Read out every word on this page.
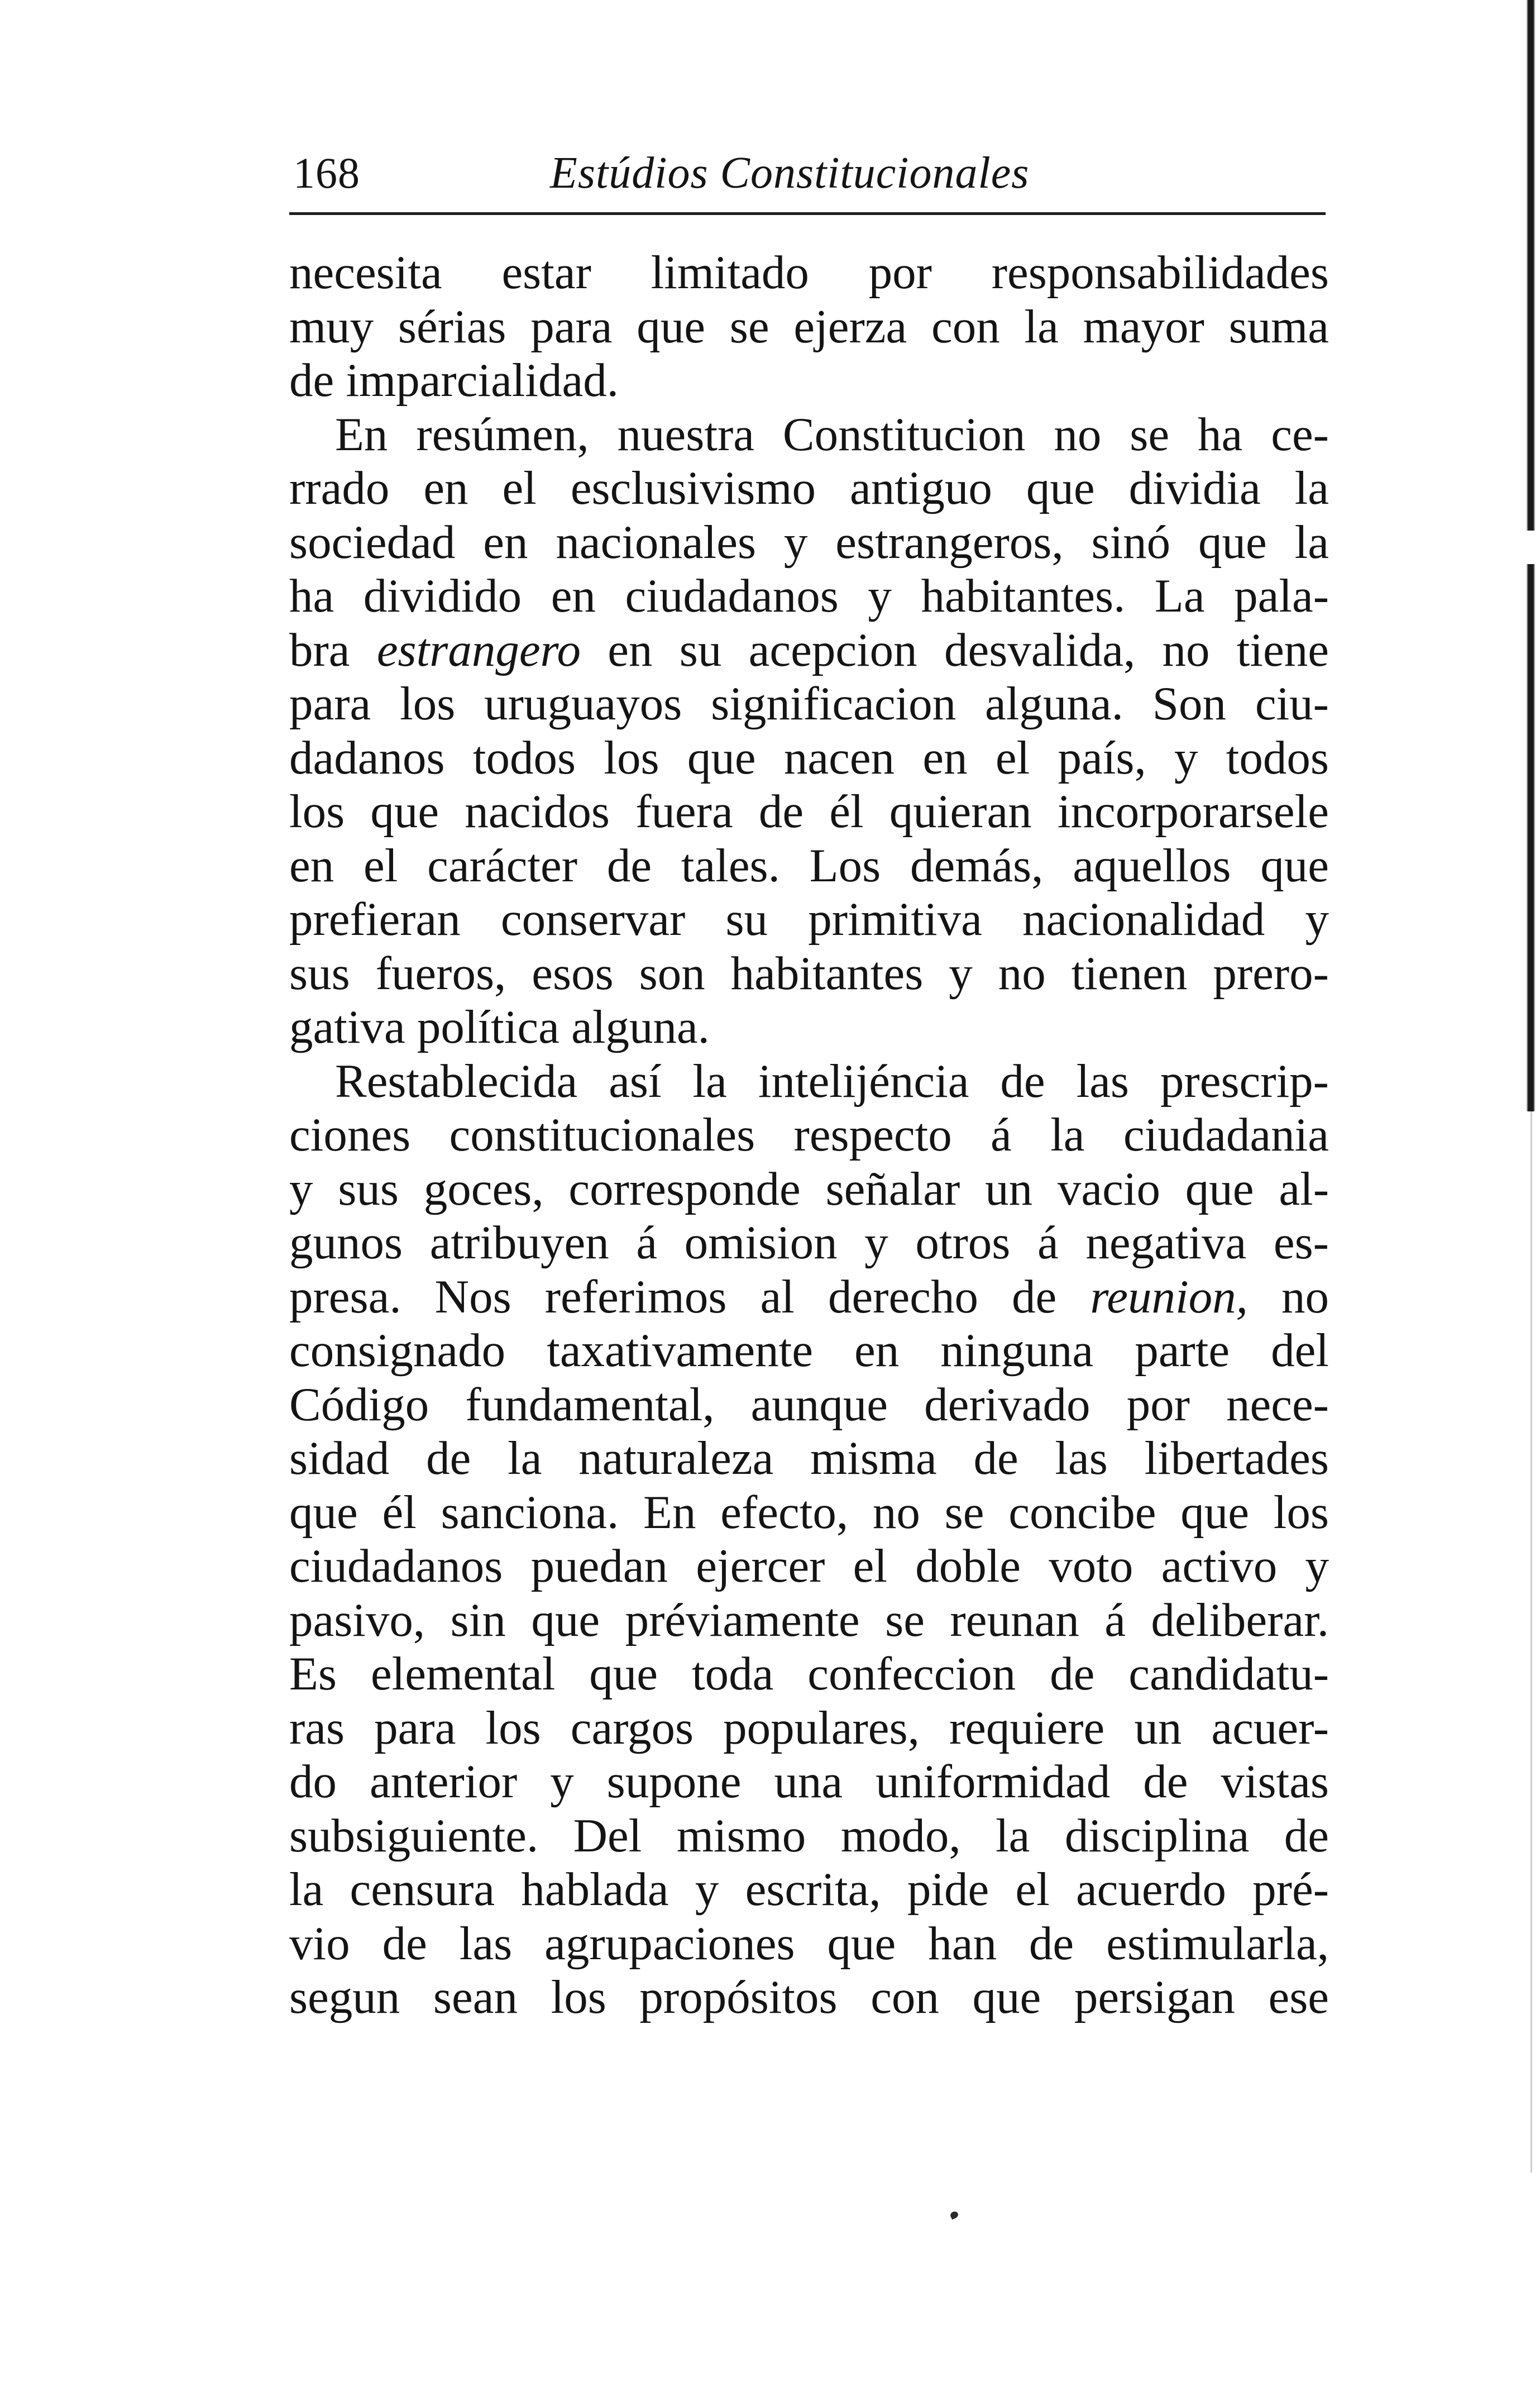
168	Estúdios Constitucionales
necesita estar limitado por responsabilidades
muy sérias para que se ejerza con la mayor suma
de imparcialidad.
En resúmen, nuestra Constitucion no se ha ce-
rrado en el esclusivismo antiguo que dividia la
sociedad en nacionales y estrangeros, sinó que la
ha dividido en ciudadanos y habitantes. La pala-
bra estrangero en su acepcion desvalida, no tiene
para los uruguayos significacion alguna. Son ciu-
dadanos todos los que nacen en el país, y todos
los que nacidos fuera de él quieran incorporarsele
en el carácter de tales. Los demás, aquellos que
prefieran conservar su primitiva nacionalidad y
sus fueros, esos son habitantes y no tienen prero-
gativa política alguna.
Restablecida así la intelijéncia de las prescrip-
ciones constitucionales respecto á la ciudadania
y sus goces, corresponde señalar un vacio que al-
gunos atribuyen á omision y otros á negativa es-
presa. Nos referimos al derecho de reunion, no
consignado taxativamente en ninguna parte del
Código fundamental, aunque derivado por nece-
sidad de la naturaleza misma de las libertades
que él sanciona. En efecto, no se concibe que los
ciudadanos puedan ejercer el doble voto activo y
pasivo, sin que préviamente se reunan á deliberar.
Es elemental que toda confeccion de candidatu-
ras para los cargos populares, requiere un acuer-
do anterior y supone una uniformidad de vistas
subsiguiente. Del mismo modo, la disciplina de
la censura hablada y escrita, pide el acuerdo pré-
vio de las agrupaciones que han de estimularla,
segun sean los propósitos con que persigan ese
